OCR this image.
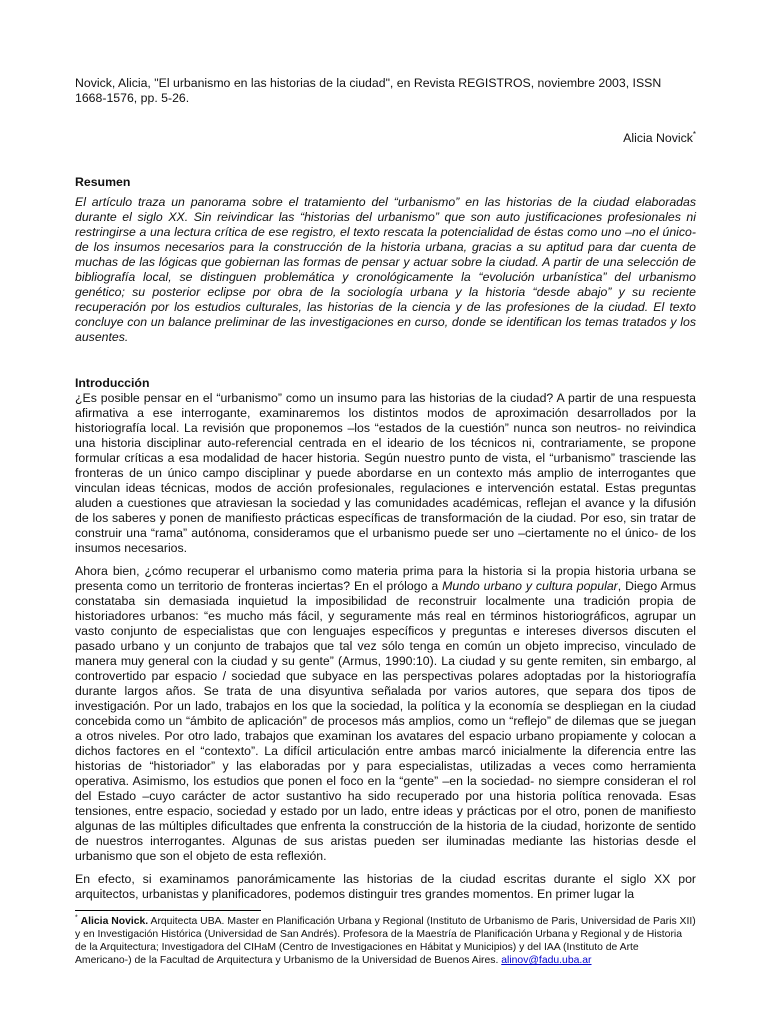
Novick, Alicia, "El urbanismo en las historias de la ciudad", en Revista REGISTROS, noviembre 2003, ISSN 1668-1576, pp. 5-26.

Alicia Novick*

Resumen

El artículo traza un panorama sobre el tratamiento del “urbanismo” en las historias de la ciudad elaboradas durante el siglo XX. Sin reivindicar las “historias del urbanismo” que son auto justificaciones profesionales ni restringirse a una lectura crítica de ese registro, el texto rescata la potencialidad de éstas como uno –no el único- de los insumos necesarios para la construcción de la historia urbana, gracias a su aptitud para dar cuenta de muchas de las lógicas que gobiernan las formas de pensar y actuar sobre la ciudad. A partir de una selección de bibliografía local, se distinguen problemática y cronológicamente la “evolución urbanística” del urbanismo genético; su posterior eclipse por obra de la sociología urbana y la historia “desde abajo” y su reciente recuperación por los estudios culturales, las historias de la ciencia y de las profesiones de la ciudad. El texto concluye con un balance preliminar de las investigaciones en curso, donde se identifican los temas tratados y los ausentes.

Introducción

¿Es posible pensar en el “urbanismo” como un insumo para las historias de la ciudad? A partir de una respuesta afirmativa a ese interrogante, examinaremos los distintos modos de aproximación desarrollados por la historiografía local. La revisión que proponemos –los “estados de la cuestión” nunca son neutros- no reivindica una historia disciplinar auto-referencial centrada en el ideario de los técnicos ni, contrariamente, se propone formular críticas a esa modalidad de hacer historia. Según nuestro punto de vista, el “urbanismo” trasciende las fronteras de un único campo disciplinar y puede abordarse en un contexto más amplio de interrogantes que vinculan ideas técnicas, modos de acción profesionales, regulaciones e intervención estatal. Estas preguntas aluden a cuestiones que atraviesan la sociedad y las comunidades académicas, reflejan el avance y la difusión de los saberes y ponen de manifiesto prácticas específicas de transformación de la ciudad. Por eso, sin tratar de construir una “rama” autónoma, consideramos que el urbanismo puede ser uno –ciertamente no el único- de los insumos necesarios.

Ahora bien, ¿cómo recuperar el urbanismo como materia prima para la historia si la propia historia urbana se presenta como un territorio de fronteras inciertas? En el prólogo a Mundo urbano y cultura popular, Diego Armus constataba sin demasiada inquietud la imposibilidad de reconstruir localmente una tradición propia de historiadores urbanos: “es mucho más fácil, y seguramente más real en términos historiográficos, agrupar un vasto conjunto de especialistas que con lenguajes específicos y preguntas e intereses diversos discuten el pasado urbano y un conjunto de trabajos que tal vez sólo tenga en común un objeto impreciso, vinculado de manera muy general con la ciudad y su gente” (Armus, 1990:10). La ciudad y su gente remiten, sin embargo, al controvertido par espacio / sociedad que subyace en las perspectivas polares adoptadas por la historiografía durante largos años. Se trata de una disyuntiva señalada por varios autores, que separa dos tipos de investigación. Por un lado, trabajos en los que la sociedad, la política y la economía se despliegan en la ciudad concebida como un “ámbito de aplicación” de procesos más amplios, como un “reflejo” de dilemas que se juegan a otros niveles. Por otro lado, trabajos que examinan los avatares del espacio urbano propiamente y colocan a dichos factores en el “contexto”. La difícil articulación entre ambas marcó inicialmente la diferencia entre las historias de “historiador” y las elaboradas por y para especialistas, utilizadas a veces como herramienta operativa. Asimismo, los estudios que ponen el foco en la “gente” –en la sociedad- no siempre consideran el rol del Estado –cuyo carácter de actor sustantivo ha sido recuperado por una historia política renovada. Esas tensiones, entre espacio, sociedad y estado por un lado, entre ideas y prácticas por el otro, ponen de manifiesto algunas de las múltiples dificultades que enfrenta la construcción de la historia de la ciudad, horizonte de sentido de nuestros interrogantes. Algunas de sus aristas pueden ser iluminadas mediante las historias desde el urbanismo que son el objeto de esta reflexión.

En efecto, si examinamos panorámicamente las historias de la ciudad escritas durante el siglo XX por arquitectos, urbanistas y planificadores, podemos distinguir tres grandes momentos. En primer lugar la

* Alicia Novick. Arquitecta UBA. Master en Planificación Urbana y Regional (Instituto de Urbanismo de Paris, Universidad de Paris XII) y en Investigación Histórica (Universidad de San Andrés). Profesora de la Maestría de Planificación Urbana y Regional y de Historia de la Arquitectura; Investigadora del CIHaM (Centro de Investigaciones en Hábitat y Municipios) y del IAA (Instituto de Arte Americano-) de la Facultad de Arquitectura y Urbanismo de la Universidad de Buenos Aires. alinov@fadu.uba.ar
